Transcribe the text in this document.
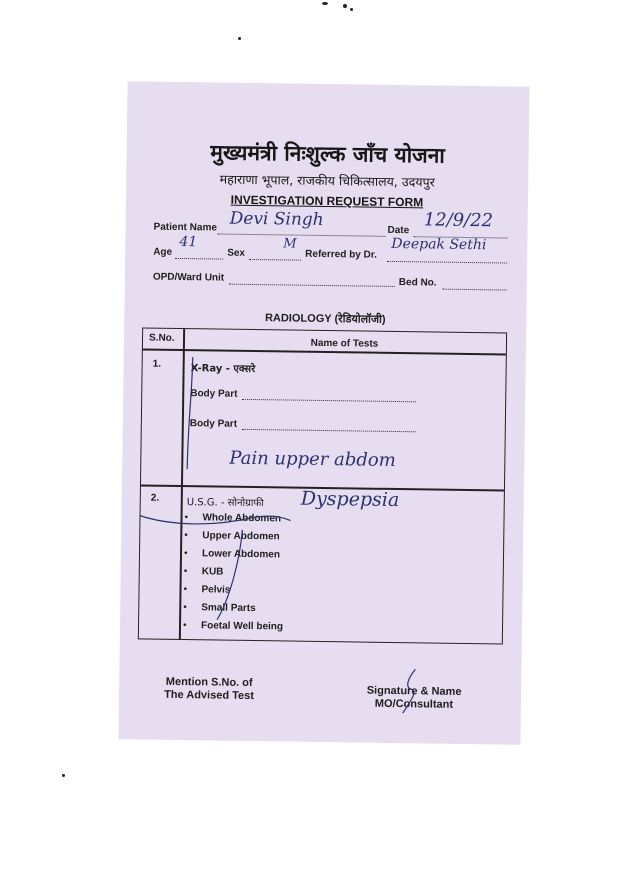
मुख्यमंत्री निःशुल्क जाँच योजना
महाराणा भूपाल, राजकीय चिकित्सालय, उदयपुर
INVESTIGATION REQUEST FORM
Patient Name Devi Singh
Date 12/9/22
Age
41
Sex
M
Referred by Dr.
Deepak Sethi
OPD/Ward Unit	Bed No.
RADIOLOGY (रेडियोलॉजी)
S.No.	Name of Tests
1.	X-Ray - एक्सरे
Body Part
Body Part
Pain upper abdom
2.	U.S.G. - सोनोग्राफी Dyspepsia
• Whole Abdomen
• Upper Abdomen
• Lower Abdomen
• KUB
• Pelvis
• Small Parts
• Foetal Well being
Mention S.No. of
The Advised Test	Signature & Name
MO/Consultant
